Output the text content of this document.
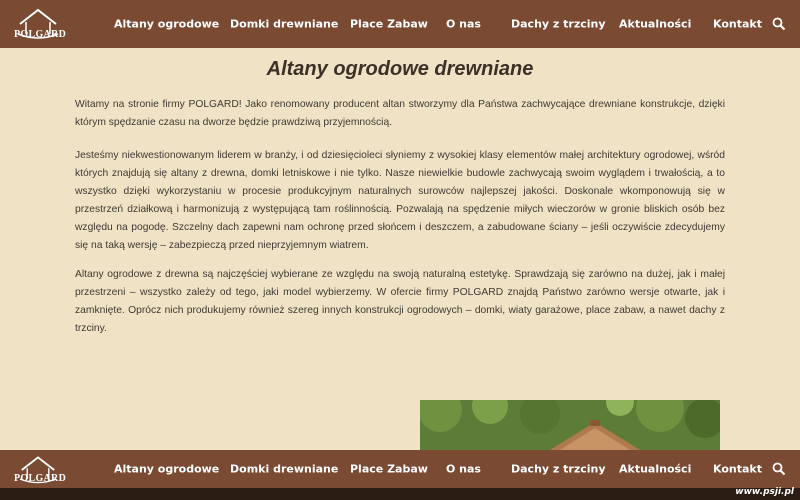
POLGARD
Altany ogrodowe Domki drewniane Place Zabaw O nas	Dachy z trzciny Aktualności Kontakt
Altany ogrodowe drewniane

Witamy na stronie firmy POLGARD! Jako renomowany producent altan stworzymy dla Państwa zachwycające drewniane konstrukcje, dzięki którym spędzanie czasu na dworze będzie prawdziwą przyjemnością.

Jesteśmy niekwestionowanym liderem w branży, i od dziesięcioleci słyniemy z wysokiej klasy elementów małej architektury ogrodowej, wśród których znajdują się altany z drewna, domki letniskowe i nie tylko. Nasze niewielkie budowle zachwycają swoim wyglądem i trwałością, a to wszystko dzięki wykorzystaniu w procesie produkcyjnym naturalnych surowców najlepszej jakości. Doskonale wkomponowują się w przestrzeń działkową i harmonizują z występującą tam roślinnością. Pozwalają na spędzenie miłych wieczorów w gronie bliskich osób bez względu na pogodę. Szczelny dach zapewni nam ochronę przed słońcem i deszczem, a zabudowane ściany – jeśli oczywiście zdecydujemy się na taką wersję – zabezpieczą przed nieprzyjemnym wiatrem.

Altany ogrodowe z drewna są najczęściej wybierane ze względu na swoją naturalną estetykę. Sprawdzają się zarówno na dużej, jak i małej przestrzeni – wszystko zależy od tego, jaki model wybierzemy. W ofercie firmy POLGARD znajdą Państwo zarówno wersje otwarte, jak i zamknięte. Oprócz nich produkujemy również szereg innych konstrukcji ogrodowych – domki, wiaty garażowe, place zabaw, a nawet dachy z trzciny.

POLGARD
Altany ogrodowe Domki drewniane Place Zabaw O nas	Dachy z trzciny Aktualności Kontakt
www.psji.pl
